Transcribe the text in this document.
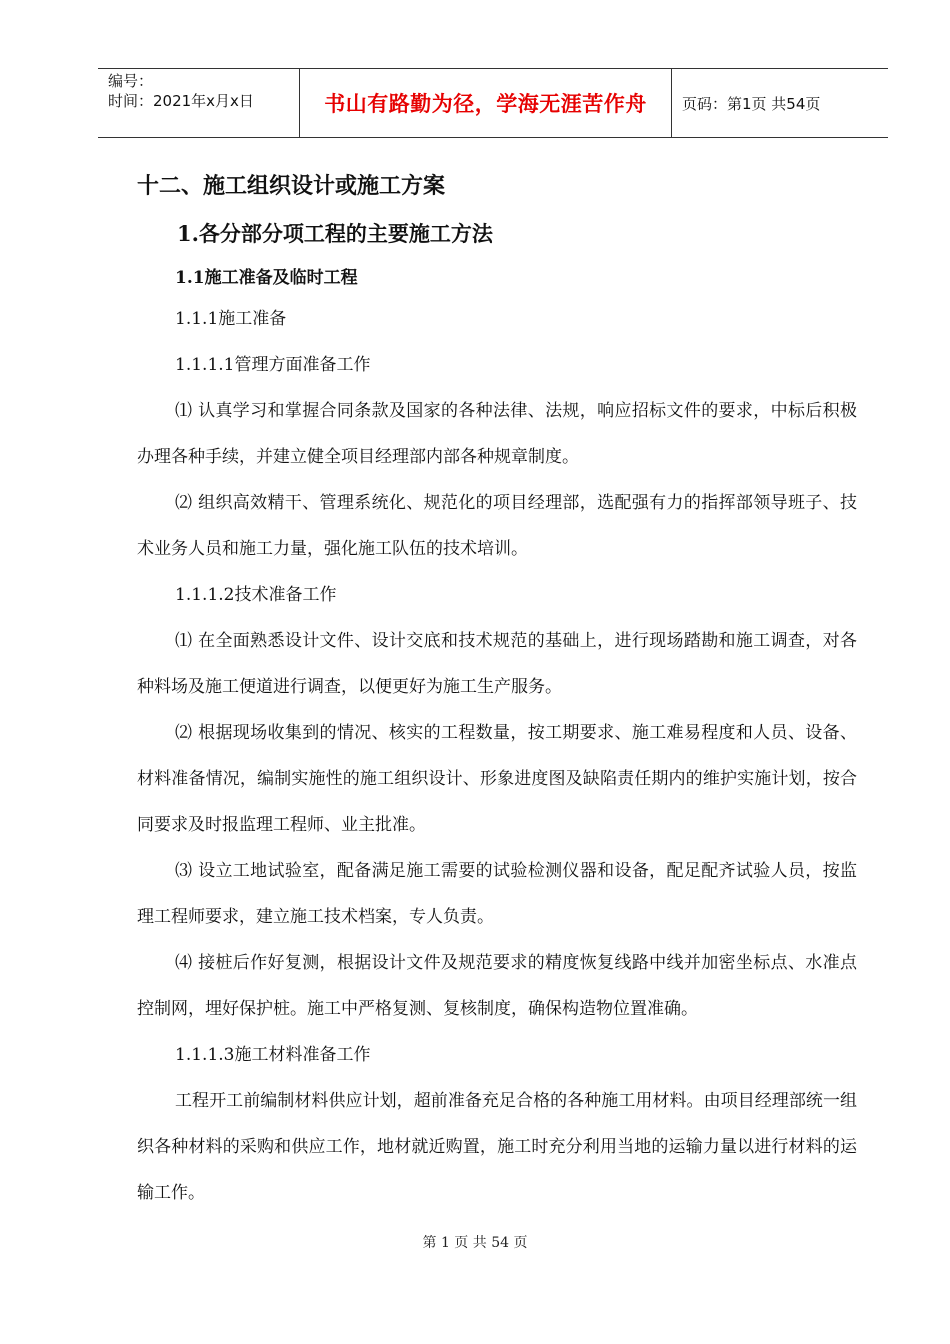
编号：
时间：2021年x月x日	书山有路勤为径，学海无涯苦作舟	页码：第1页 共54页
十二、施工组织设计或施工方案
1.各分部分项工程的主要施工方法
1.1施工准备及临时工程
1.1.1施工准备
1.1.1.1管理方面准备工作

⑴ 认真学习和掌握合同条款及国家的各种法律、法规，响应招标文件的要求，中标后积极办理各种手续，并建立健全项目经理部内部各种规章制度。

⑵ 组织高效精干、管理系统化、规范化的项目经理部，选配强有力的指挥部领导班子、技术业务人员和施工力量，强化施工队伍的技术培训。

1.1.1.2技术准备工作

⑴ 在全面熟悉设计文件、设计交底和技术规范的基础上，进行现场踏勘和施工调查，对各种料场及施工便道进行调查，以便更好为施工生产服务。

⑵ 根据现场收集到的情况、核实的工程数量，按工期要求、施工难易程度和人员、设备、材料准备情况，编制实施性的施工组织设计、形象进度图及缺陷责任期内的维护实施计划，按合同要求及时报监理工程师、业主批准。

⑶ 设立工地试验室，配备满足施工需要的试验检测仪器和设备，配足配齐试验人员，按监理工程师要求，建立施工技术档案，专人负责。

⑷ 接桩后作好复测，根据设计文件及规范要求的精度恢复线路中线并加密坐标点、水准点控制网，埋好保护桩。施工中严格复测、复核制度，确保构造物位置准确。

1.1.1.3施工材料准备工作

工程开工前编制材料供应计划，超前准备充足合格的各种施工用材料。由项目经理部统一组织各种材料的采购和供应工作，地材就近购置，施工时充分利用当地的运输力量以进行材料的运输工作。

第 1 页 共 54 页
